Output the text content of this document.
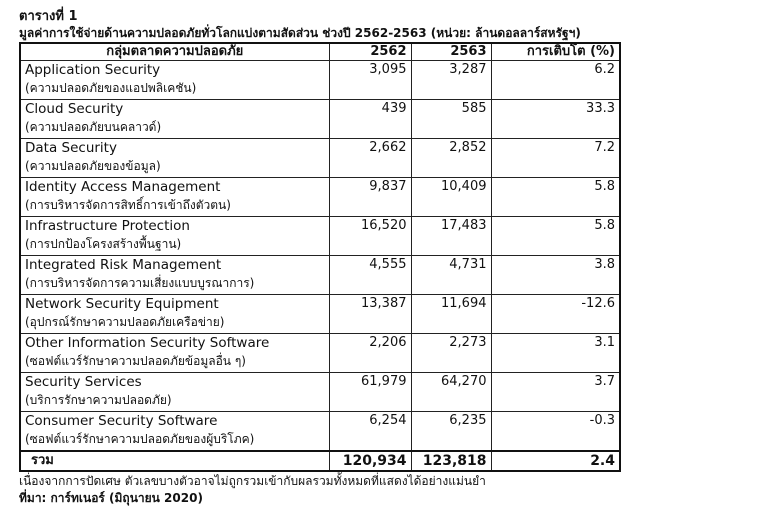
ตารางที่ 1
มูลค่าการใช้จ่ายด้านความปลอดภัยทั่วโลกแบ่งตามสัดส่วน ช่วงปี 2562-2563 (หน่วย: ล้านดอลลาร์สหรัฐฯ)
กลุ่มตลาดความปลอดภัย	2562	2563	การเติบโต (%)

Application Security
(ความปลอดภัยของแอปพลิเคชัน)	3,095	3,287	6.2

Cloud Security
(ความปลอดภัยบนคลาวด์)	439	585	33.3

Data Security
(ความปลอดภัยของข้อมูล)	2,662	2,852	7.2

Identity Access Management
(การบริหารจัดการสิทธิ์การเข้าถึงตัวตน)	9,837	10,409	5.8

Infrastructure Protection
(การปกป้องโครงสร้างพื้นฐาน)	16,520	17,483	5.8

Integrated Risk Management
(การบริหารจัดการความเสี่ยงแบบบูรณาการ)	4,555	4,731	3.8

Network Security Equipment
(อุปกรณ์รักษาความปลอดภัยเครือข่าย)	13,387	11,694	-12.6

Other Information Security Software
(ซอฟต์แวร์รักษาความปลอดภัยข้อมูลอื่น ๆ)	2,206	2,273	3.1

Security Services
(บริการรักษาความปลอดภัย)	61,979	64,270	3.7

Consumer Security Software
(ซอฟต์แวร์รักษาความปลอดภัยของผู้บริโภค)	6,254	6,235	-0.3
รวม	120,934	123,818	2.4
เนื่องจากการปัดเศษ ตัวเลขบางตัวอาจไม่ถูกรวมเข้ากับผลรวมทั้งหมดที่แสดงได้อย่างแม่นยำ
ที่มา: การ์ทเนอร์ (มิถุนายน 2020)
